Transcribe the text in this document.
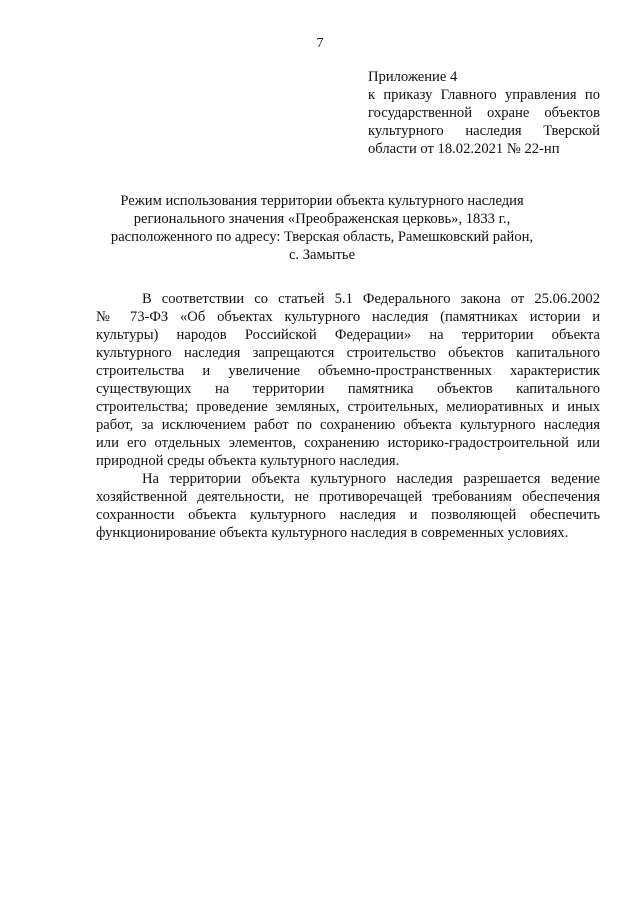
7
Приложение 4
к приказу Главного управления по
государственной охране объектов
культурного наследия Тверской
области от 18.02.2021 № 22-нп
Режим использования территории объекта культурного наследия
регионального значения «Преображенская церковь», 1833 г.,
расположенного по адресу: Тверская область, Рамешковский район,
с. Замытье
В соответствии со статьей 5.1 Федерального закона от 25.06.2002
№ 73-ФЗ «Об объектах культурного наследия (памятниках истории и
культуры) народов Российской Федерации» на территории объекта
культурного наследия запрещаются строительство объектов капитального
строительства и увеличение объемно-пространственных характеристик
существующих на территории памятника объектов капитального
строительства; проведение земляных, строительных, мелиоративных и иных
работ, за исключением работ по сохранению объекта культурного наследия
или его отдельных элементов, сохранению историко-градостроительной или
природной среды объекта культурного наследия.
На территории объекта культурного наследия разрешается ведение
хозяйственной деятельности, не противоречащей требованиям обеспечения
сохранности объекта культурного наследия и позволяющей обеспечить
функционирование объекта культурного наследия в современных условиях.
